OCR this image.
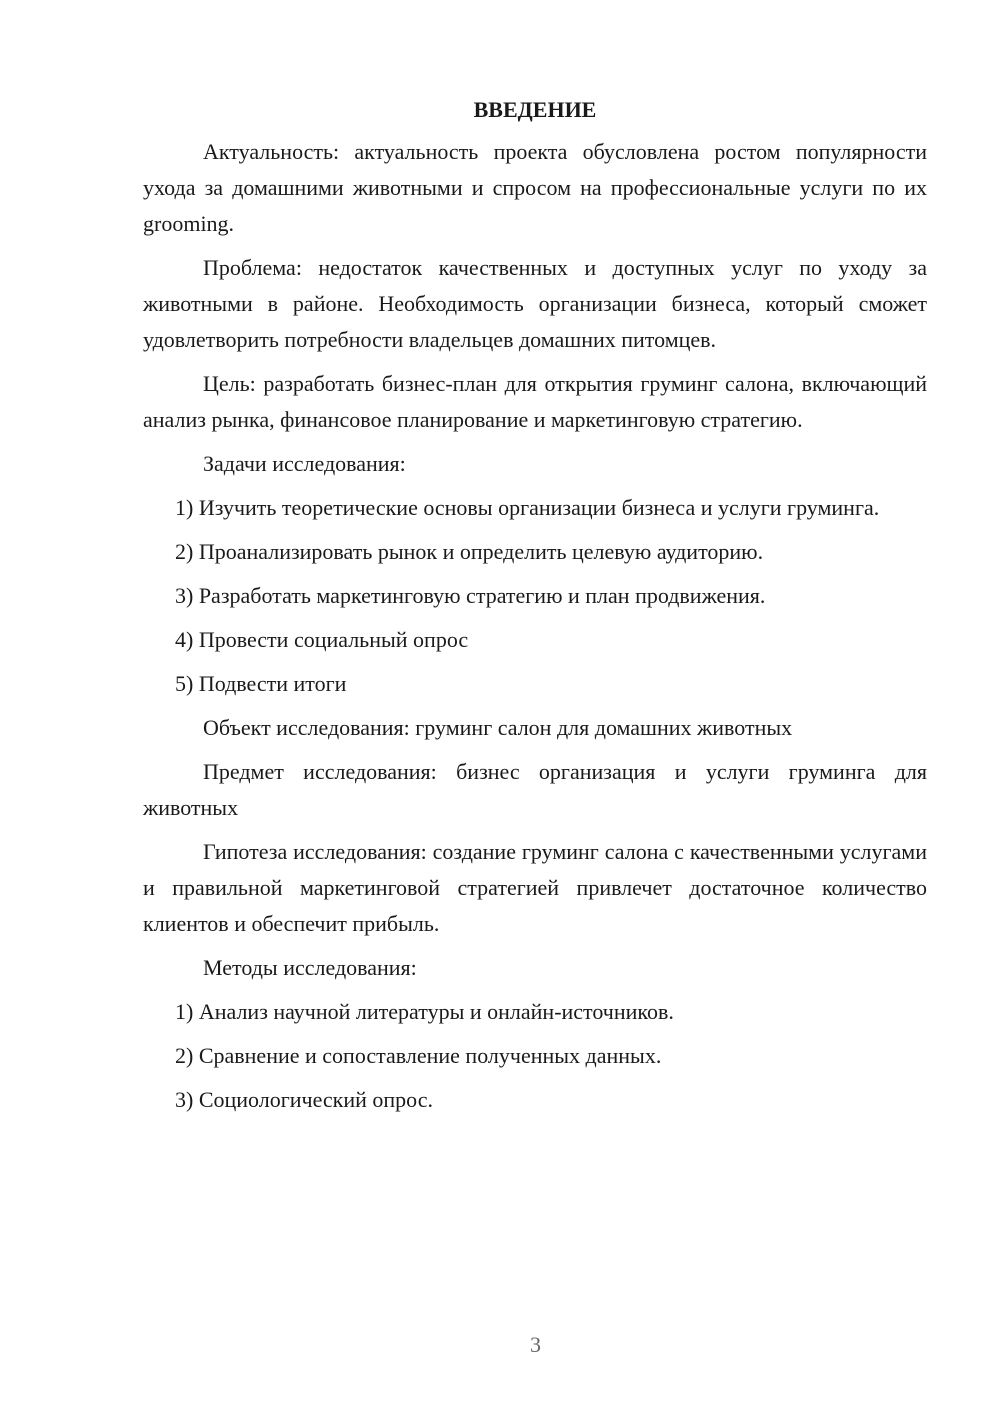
ВВЕДЕНИЕ

Актуальность: актуальность проекта обусловлена ростом популярности ухода за домашними животными и спросом на профессиональные услуги по их grooming.

Проблема: недостаток качественных и доступных услуг по уходу за животными в районе. Необходимость организации бизнеса, который сможет удовлетворить потребности владельцев домашних питомцев.

Цель: разработать бизнес-план для открытия груминг салона, включающий анализ рынка, финансовое планирование и маркетинговую стратегию.

Задачи исследования:

1) Изучить теоретические основы организации бизнеса и услуги груминга.

2) Проанализировать рынок и определить целевую аудиторию.

3) Разработать маркетинговую стратегию и план продвижения.

4) Провести социальный опрос

5) Подвести итоги

Объект исследования: груминг салон для домашних животных

Предмет исследования: бизнес организация и услуги груминга для животных

Гипотеза исследования: создание груминг салона с качественными услугами и правильной маркетинговой стратегией привлечет достаточное количество клиентов и обеспечит прибыль.

Методы исследования:

1) Анализ научной литературы и онлайн-источников.

2) Сравнение и сопоставление полученных данных.

3) Социологический опрос.

3
